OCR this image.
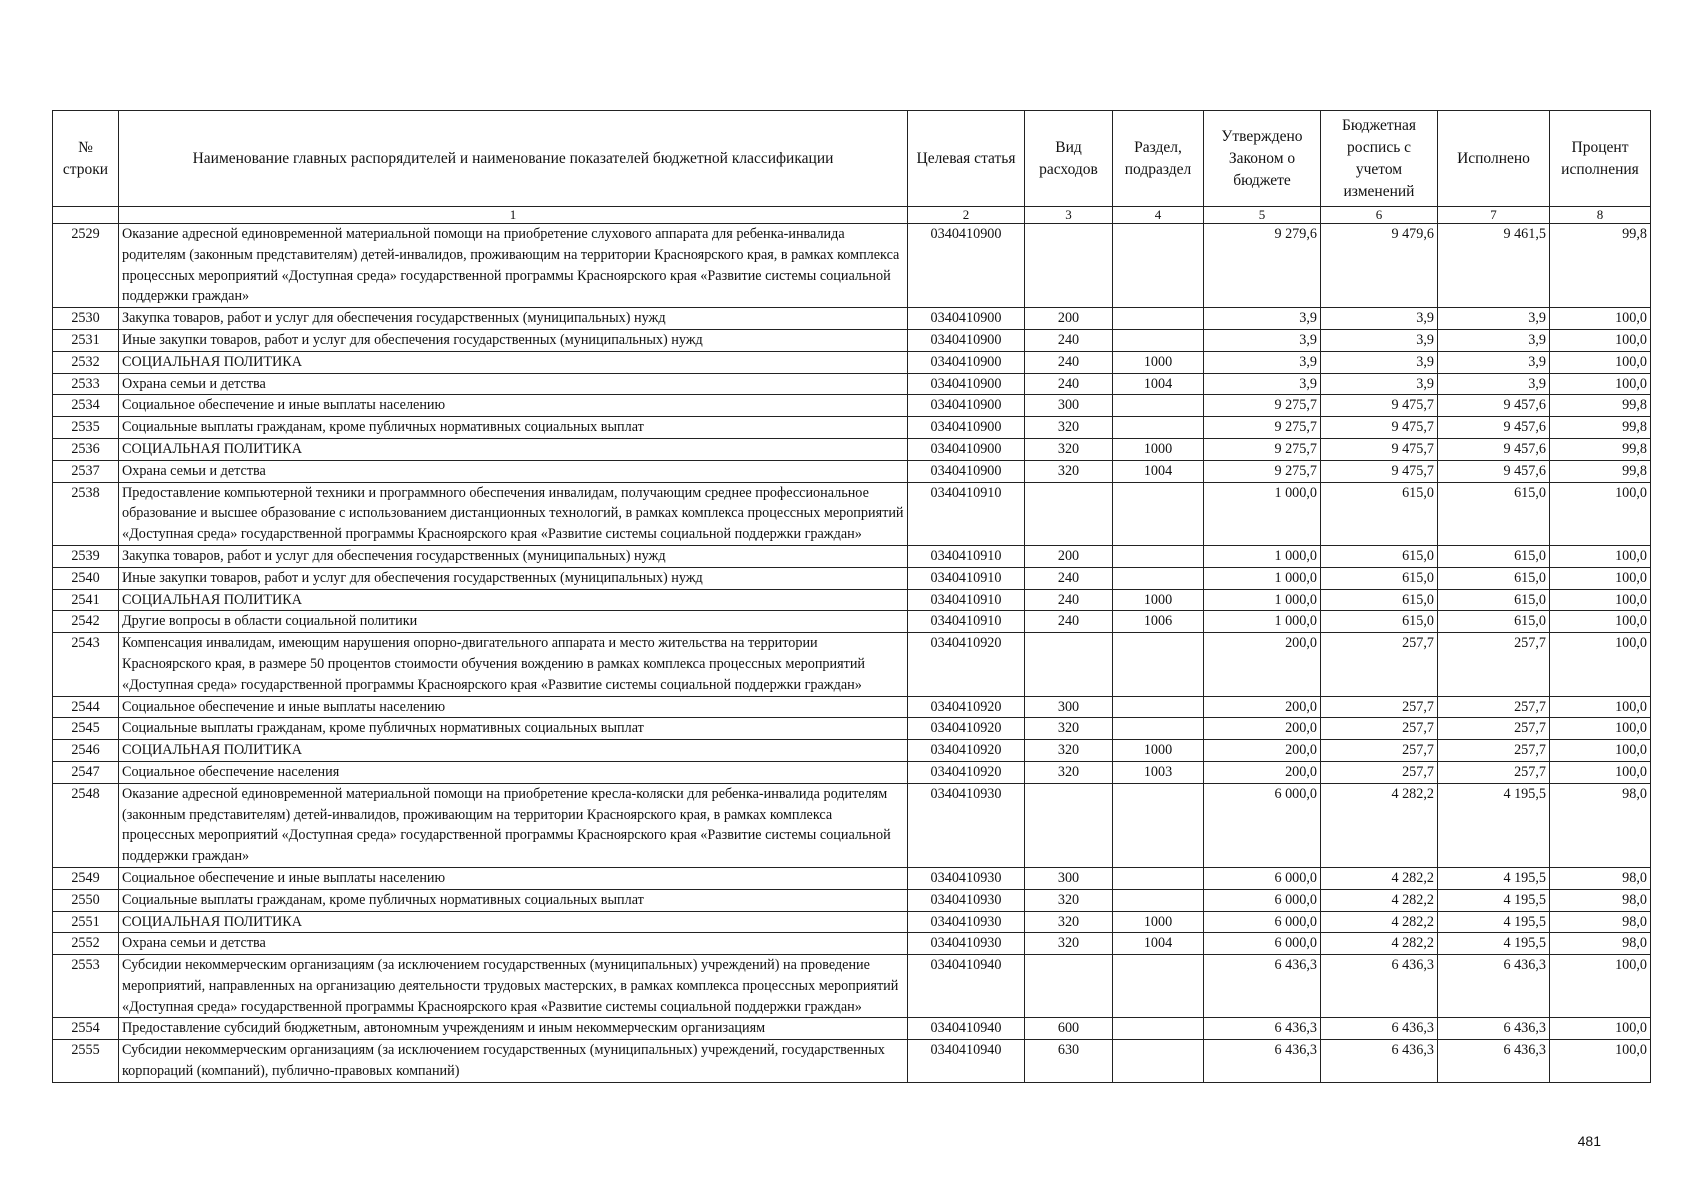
№ строки	Наименование главных распорядителей и наименование показателей бюджетной классификации	Целевая статья	Вид расходов	Раздел, подраздел	Утверждено Законом о бюджете	Бюджетная роспись с учетом изменений	Исполнено	Процент исполнения
	1	2	3	4	5	6	7	8
2529	Оказание адресной единовременной материальной помощи на приобретение слухового аппарата для ребенка-инвалида родителям (законным представителям) детей-инвалидов, проживающим на территории Красноярского края, в рамках комплекса процессных мероприятий «Доступная среда» государственной программы Красноярского края «Развитие системы социальной поддержки граждан»	0340410900			9 279,6	9 479,6	9 461,5	99,8
2530	Закупка товаров, работ и услуг для обеспечения государственных (муниципальных) нужд	0340410900	200		3,9	3,9	3,9	100,0
2531	Иные закупки товаров, работ и услуг для обеспечения государственных (муниципальных) нужд	0340410900	240		3,9	3,9	3,9	100,0
2532	СОЦИАЛЬНАЯ ПОЛИТИКА	0340410900	240	1000	3,9	3,9	3,9	100,0
2533	Охрана семьи и детства	0340410900	240	1004	3,9	3,9	3,9	100,0
2534	Социальное обеспечение и иные выплаты населению	0340410900	300		9 275,7	9 475,7	9 457,6	99,8
2535	Социальные выплаты гражданам, кроме публичных нормативных социальных выплат	0340410900	320		9 275,7	9 475,7	9 457,6	99,8
2536	СОЦИАЛЬНАЯ ПОЛИТИКА	0340410900	320	1000	9 275,7	9 475,7	9 457,6	99,8
2537	Охрана семьи и детства	0340410900	320	1004	9 275,7	9 475,7	9 457,6	99,8
2538	Предоставление компьютерной техники и программного обеспечения инвалидам, получающим среднее профессиональное образование и высшее образование с использованием дистанционных технологий, в рамках комплекса процессных мероприятий «Доступная среда» государственной программы Красноярского края «Развитие системы социальной поддержки граждан»	0340410910			1 000,0	615,0	615,0	100,0
2539	Закупка товаров, работ и услуг для обеспечения государственных (муниципальных) нужд	0340410910	200		1 000,0	615,0	615,0	100,0
2540	Иные закупки товаров, работ и услуг для обеспечения государственных (муниципальных) нужд	0340410910	240		1 000,0	615,0	615,0	100,0
2541	СОЦИАЛЬНАЯ ПОЛИТИКА	0340410910	240	1000	1 000,0	615,0	615,0	100,0
2542	Другие вопросы в области социальной политики	0340410910	240	1006	1 000,0	615,0	615,0	100,0
2543	Компенсация инвалидам, имеющим нарушения опорно-двигательного аппарата и место жительства на территории Красноярского края, в размере 50 процентов стоимости обучения вождению в рамках комплекса процессных мероприятий «Доступная среда» государственной программы Красноярского края «Развитие системы социальной поддержки граждан»	0340410920			200,0	257,7	257,7	100,0
2544	Социальное обеспечение и иные выплаты населению	0340410920	300		200,0	257,7	257,7	100,0
2545	Социальные выплаты гражданам, кроме публичных нормативных социальных выплат	0340410920	320		200,0	257,7	257,7	100,0
2546	СОЦИАЛЬНАЯ ПОЛИТИКА	0340410920	320	1000	200,0	257,7	257,7	100,0
2547	Социальное обеспечение населения	0340410920	320	1003	200,0	257,7	257,7	100,0
2548	Оказание адресной единовременной материальной помощи на приобретение кресла-коляски для ребенка-инвалида родителям (законным представителям) детей-инвалидов, проживающим на территории Красноярского края, в рамках комплекса процессных мероприятий «Доступная среда» государственной программы Красноярского края «Развитие системы социальной поддержки граждан»	0340410930			6 000,0	4 282,2	4 195,5	98,0
2549	Социальное обеспечение и иные выплаты населению	0340410930	300		6 000,0	4 282,2	4 195,5	98,0
2550	Социальные выплаты гражданам, кроме публичных нормативных социальных выплат	0340410930	320		6 000,0	4 282,2	4 195,5	98,0
2551	СОЦИАЛЬНАЯ ПОЛИТИКА	0340410930	320	1000	6 000,0	4 282,2	4 195,5	98,0
2552	Охрана семьи и детства	0340410930	320	1004	6 000,0	4 282,2	4 195,5	98,0
2553	Субсидии некоммерческим организациям (за исключением государственных (муниципальных) учреждений) на проведение мероприятий, направленных на организацию деятельности трудовых мастерских, в рамках комплекса процессных мероприятий «Доступная среда» государственной программы Красноярского края «Развитие системы социальной поддержки граждан»	0340410940			6 436,3	6 436,3	6 436,3	100,0
2554	Предоставление субсидий бюджетным, автономным учреждениям и иным некоммерческим организациям	0340410940	600		6 436,3	6 436,3	6 436,3	100,0
2555	Субсидии некоммерческим организациям (за исключением государственных (муниципальных) учреждений, государственных корпораций (компаний), публично-правовых компаний)	0340410940	630		6 436,3	6 436,3	6 436,3	100,0
481
